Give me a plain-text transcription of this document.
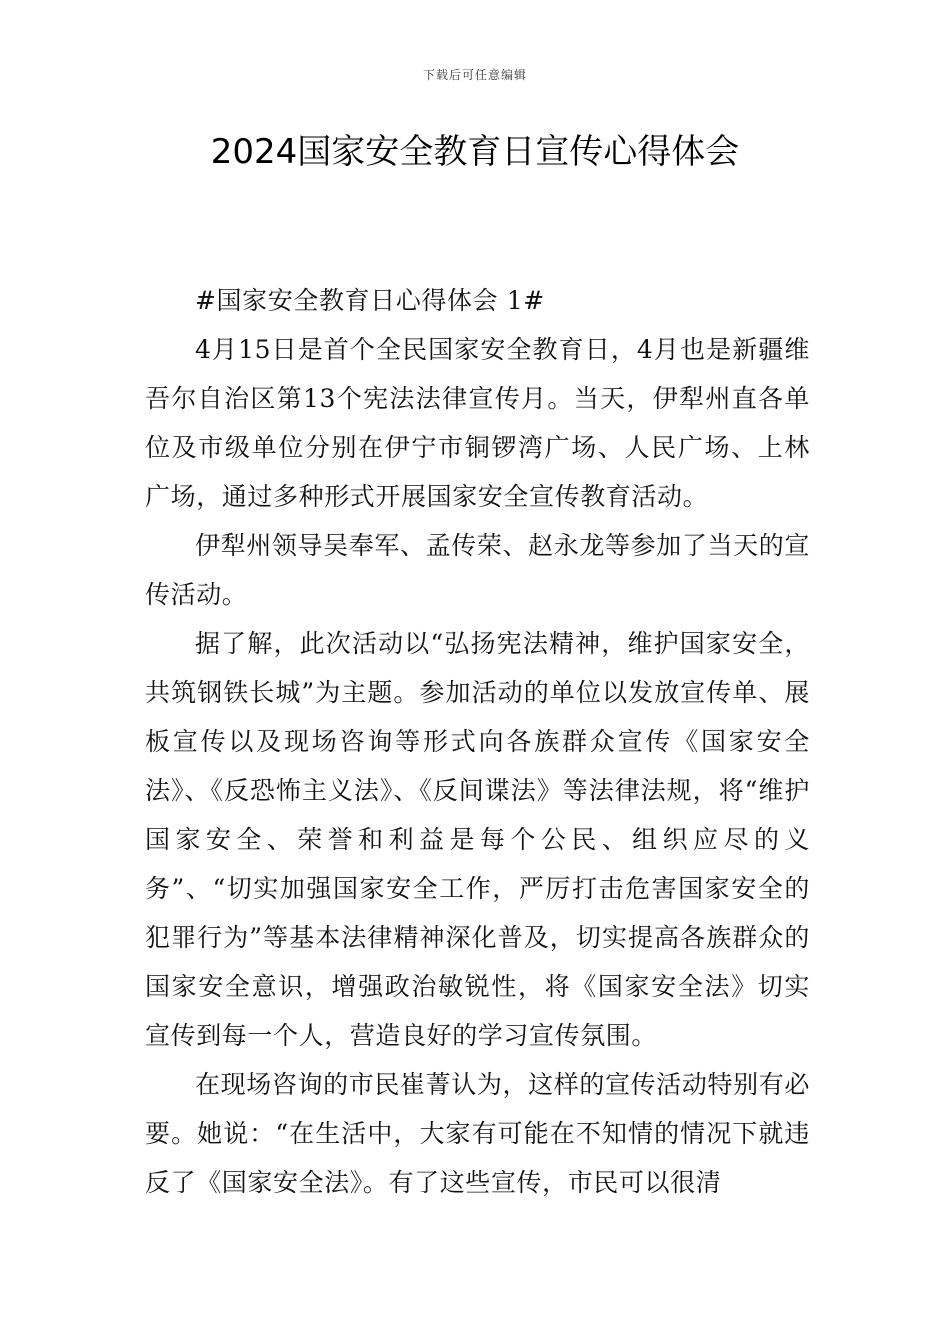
下载后可任意编辑
2024国家安全教育日宣传心得体会

#国家安全教育日心得体会 1#

4月15日是首个全民国家安全教育日，4月也是新疆维吾尔自治区第13个宪法法律宣传月。当天，伊犁州直各单位及市级单位分别在伊宁市铜锣湾广场、人民广场、上林广场，通过多种形式开展国家安全宣传教育活动。

伊犁州领导吴奉军、孟传荣、赵永龙等参加了当天的宣传活动。

据了解，此次活动以“弘扬宪法精神，维护国家安全，共筑钢铁长城”为主题。参加活动的单位以发放宣传单、展板宣传以及现场咨询等形式向各族群众宣传《国家安全法》、《反恐怖主义法》、《反间谍法》等法律法规，将“维护国家安全、荣誉和利益是每个公民、组织应尽的义务”、“切实加强国家安全工作，严厉打击危害国家安全的犯罪行为”等基本法律精神深化普及，切实提高各族群众的国家安全意识，增强政治敏锐性，将《国家安全法》切实宣传到每一个人，营造良好的学习宣传氛围。

在现场咨询的市民崔菁认为，这样的宣传活动特别有必要。她说：“在生活中，大家有可能在不知情的情况下就违反了《国家安全法》。有了这些宣传，市民可以很清
